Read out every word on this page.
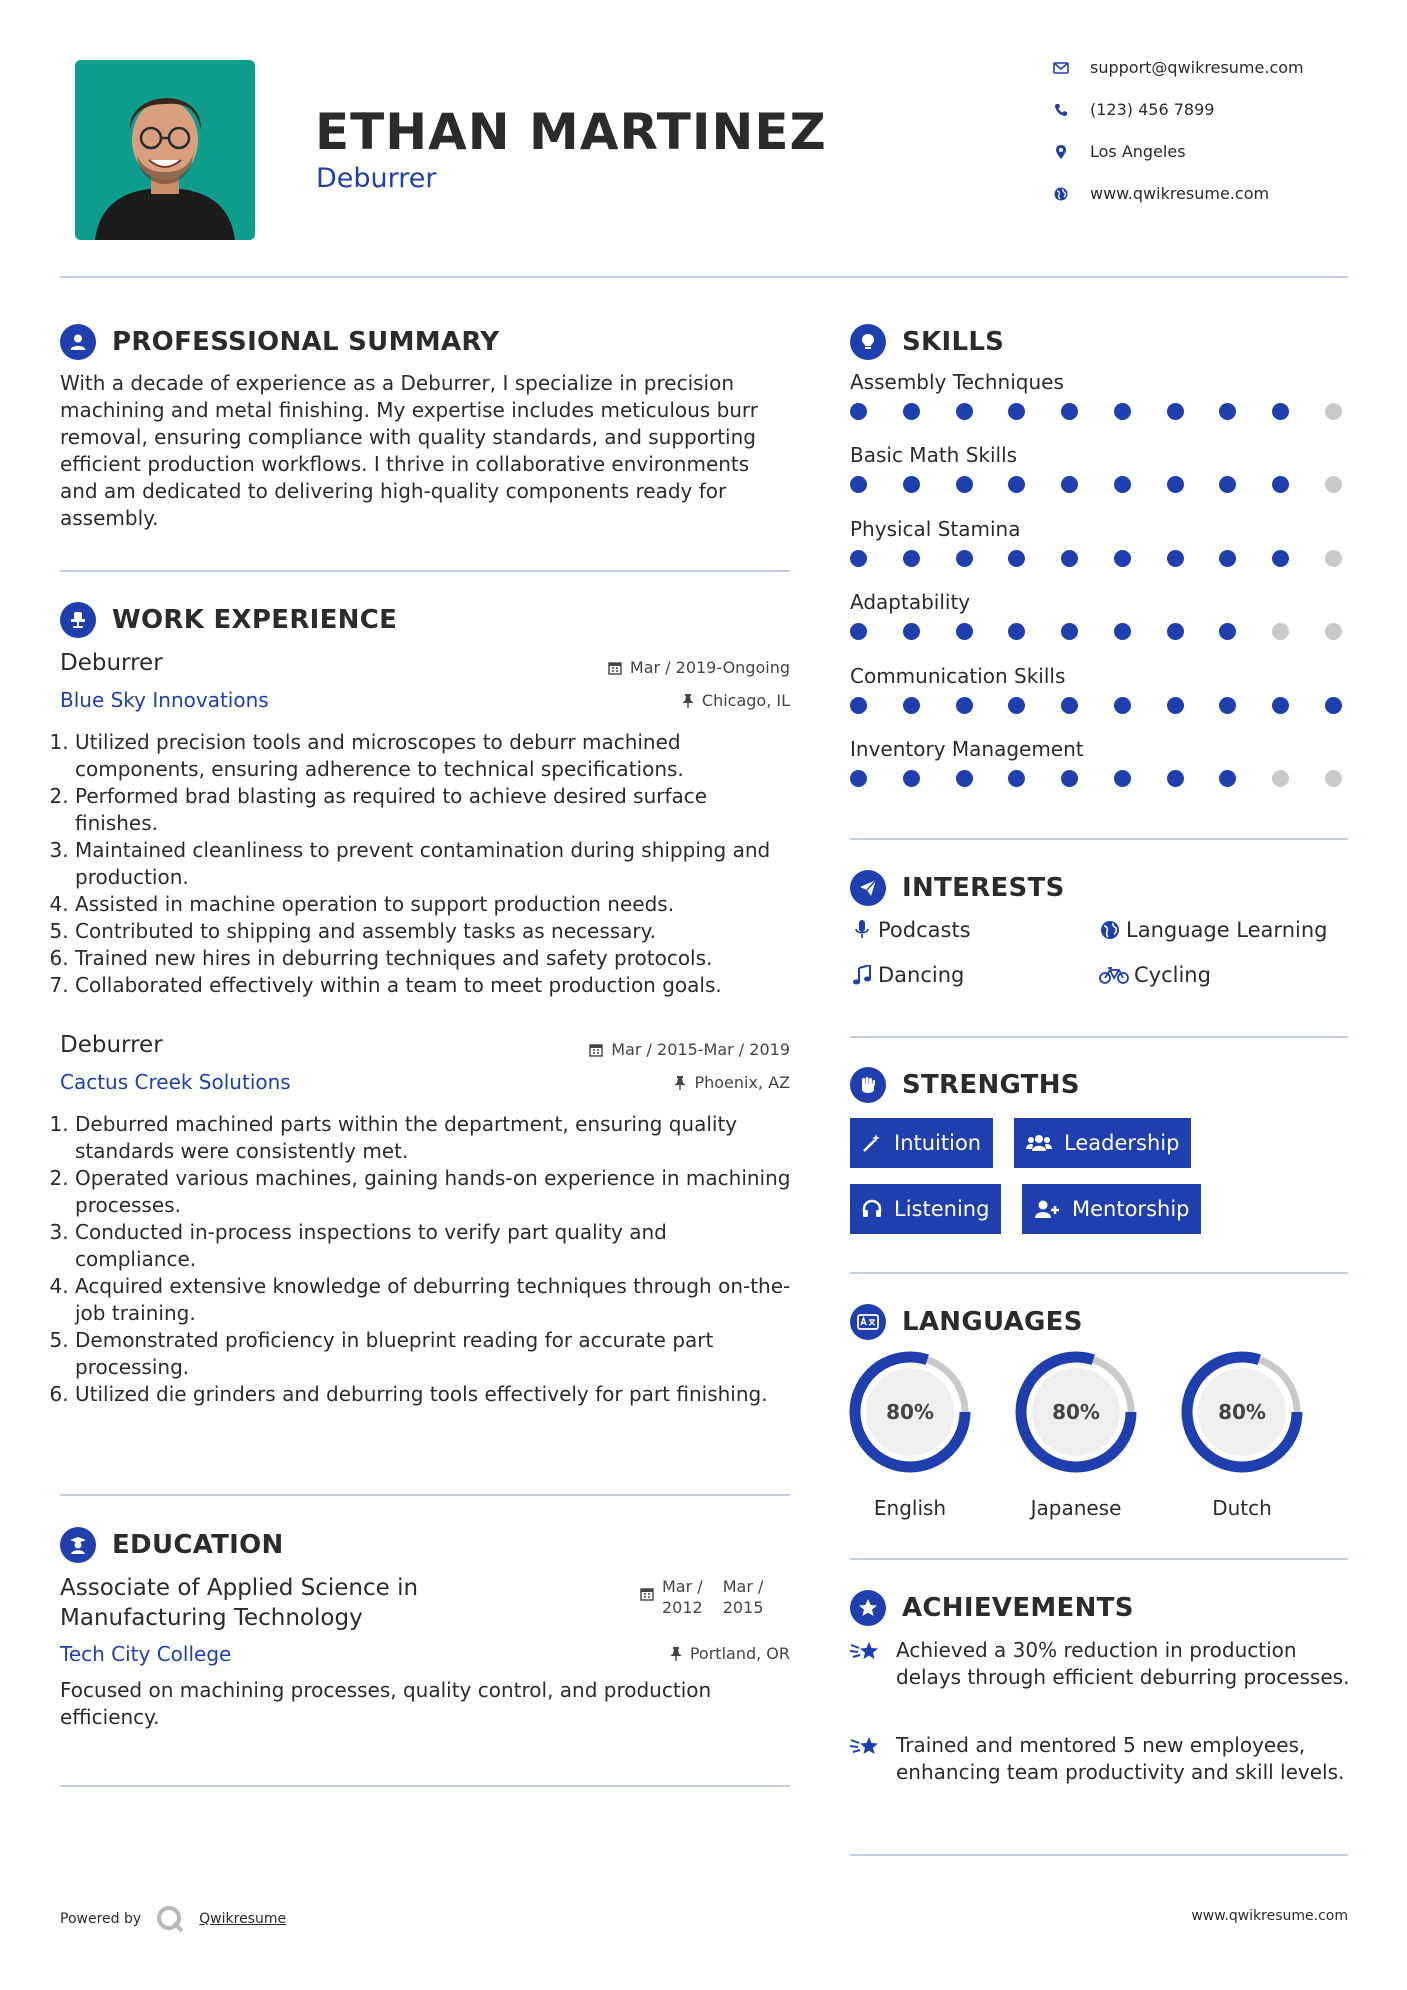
ETHAN MARTINEZ
Deburrer
support@qwikresume.com
(123) 456 7899
Los Angeles
www.qwikresume.com
PROFESSIONAL SUMMARY
With a decade of experience as a Deburrer, I specialize in precision machining and metal finishing. My expertise includes meticulous burr removal, ensuring compliance with quality standards, and supporting efficient production workflows. I thrive in collaborative environments and am dedicated to delivering high-quality components ready for assembly.
WORK EXPERIENCE
Deburrer	Mar / 2019-Ongoing
Blue Sky Innovations	Chicago, IL
1. Utilized precision tools and microscopes to deburr machined components, ensuring adherence to technical specifications.
2. Performed brad blasting as required to achieve desired surface finishes.
3. Maintained cleanliness to prevent contamination during shipping and production.
4. Assisted in machine operation to support production needs.
5. Contributed to shipping and assembly tasks as necessary.
6. Trained new hires in deburring techniques and safety protocols.
7. Collaborated effectively within a team to meet production goals.
Deburrer	Mar / 2015-Mar / 2019
Cactus Creek Solutions	Phoenix, AZ
1. Deburred machined parts within the department, ensuring quality standards were consistently met.
2. Operated various machines, gaining hands-on experience in machining processes.
3. Conducted in-process inspections to verify part quality and compliance.
4. Acquired extensive knowledge of deburring techniques through on-the-job training.
5. Demonstrated proficiency in blueprint reading for accurate part processing.
6. Utilized die grinders and deburring tools effectively for part finishing.
EDUCATION
Associate of Applied Science in
Manufacturing Technology
Mar /
2012
Mar /
2015
Tech City College	Portland, OR
Focused on machining processes, quality control, and production efficiency.
SKILLS
Assembly Techniques
Basic Math Skills
Physical Stamina
Adaptability
Communication Skills
Inventory Management
INTERESTS
Podcasts	Language Learning
Dancing	Cycling
STRENGTHS
Intuition	Leadership
Listening	Mentorship
LANGUAGES
80%
English
80%
Japanese
80%
Dutch
ACHIEVEMENTS
Achieved a 30% reduction in production delays through efficient deburring processes.
Trained and mentored 5 new employees, enhancing team productivity and skill levels.
Powered by	Qwikresume	www.qwikresume.com
